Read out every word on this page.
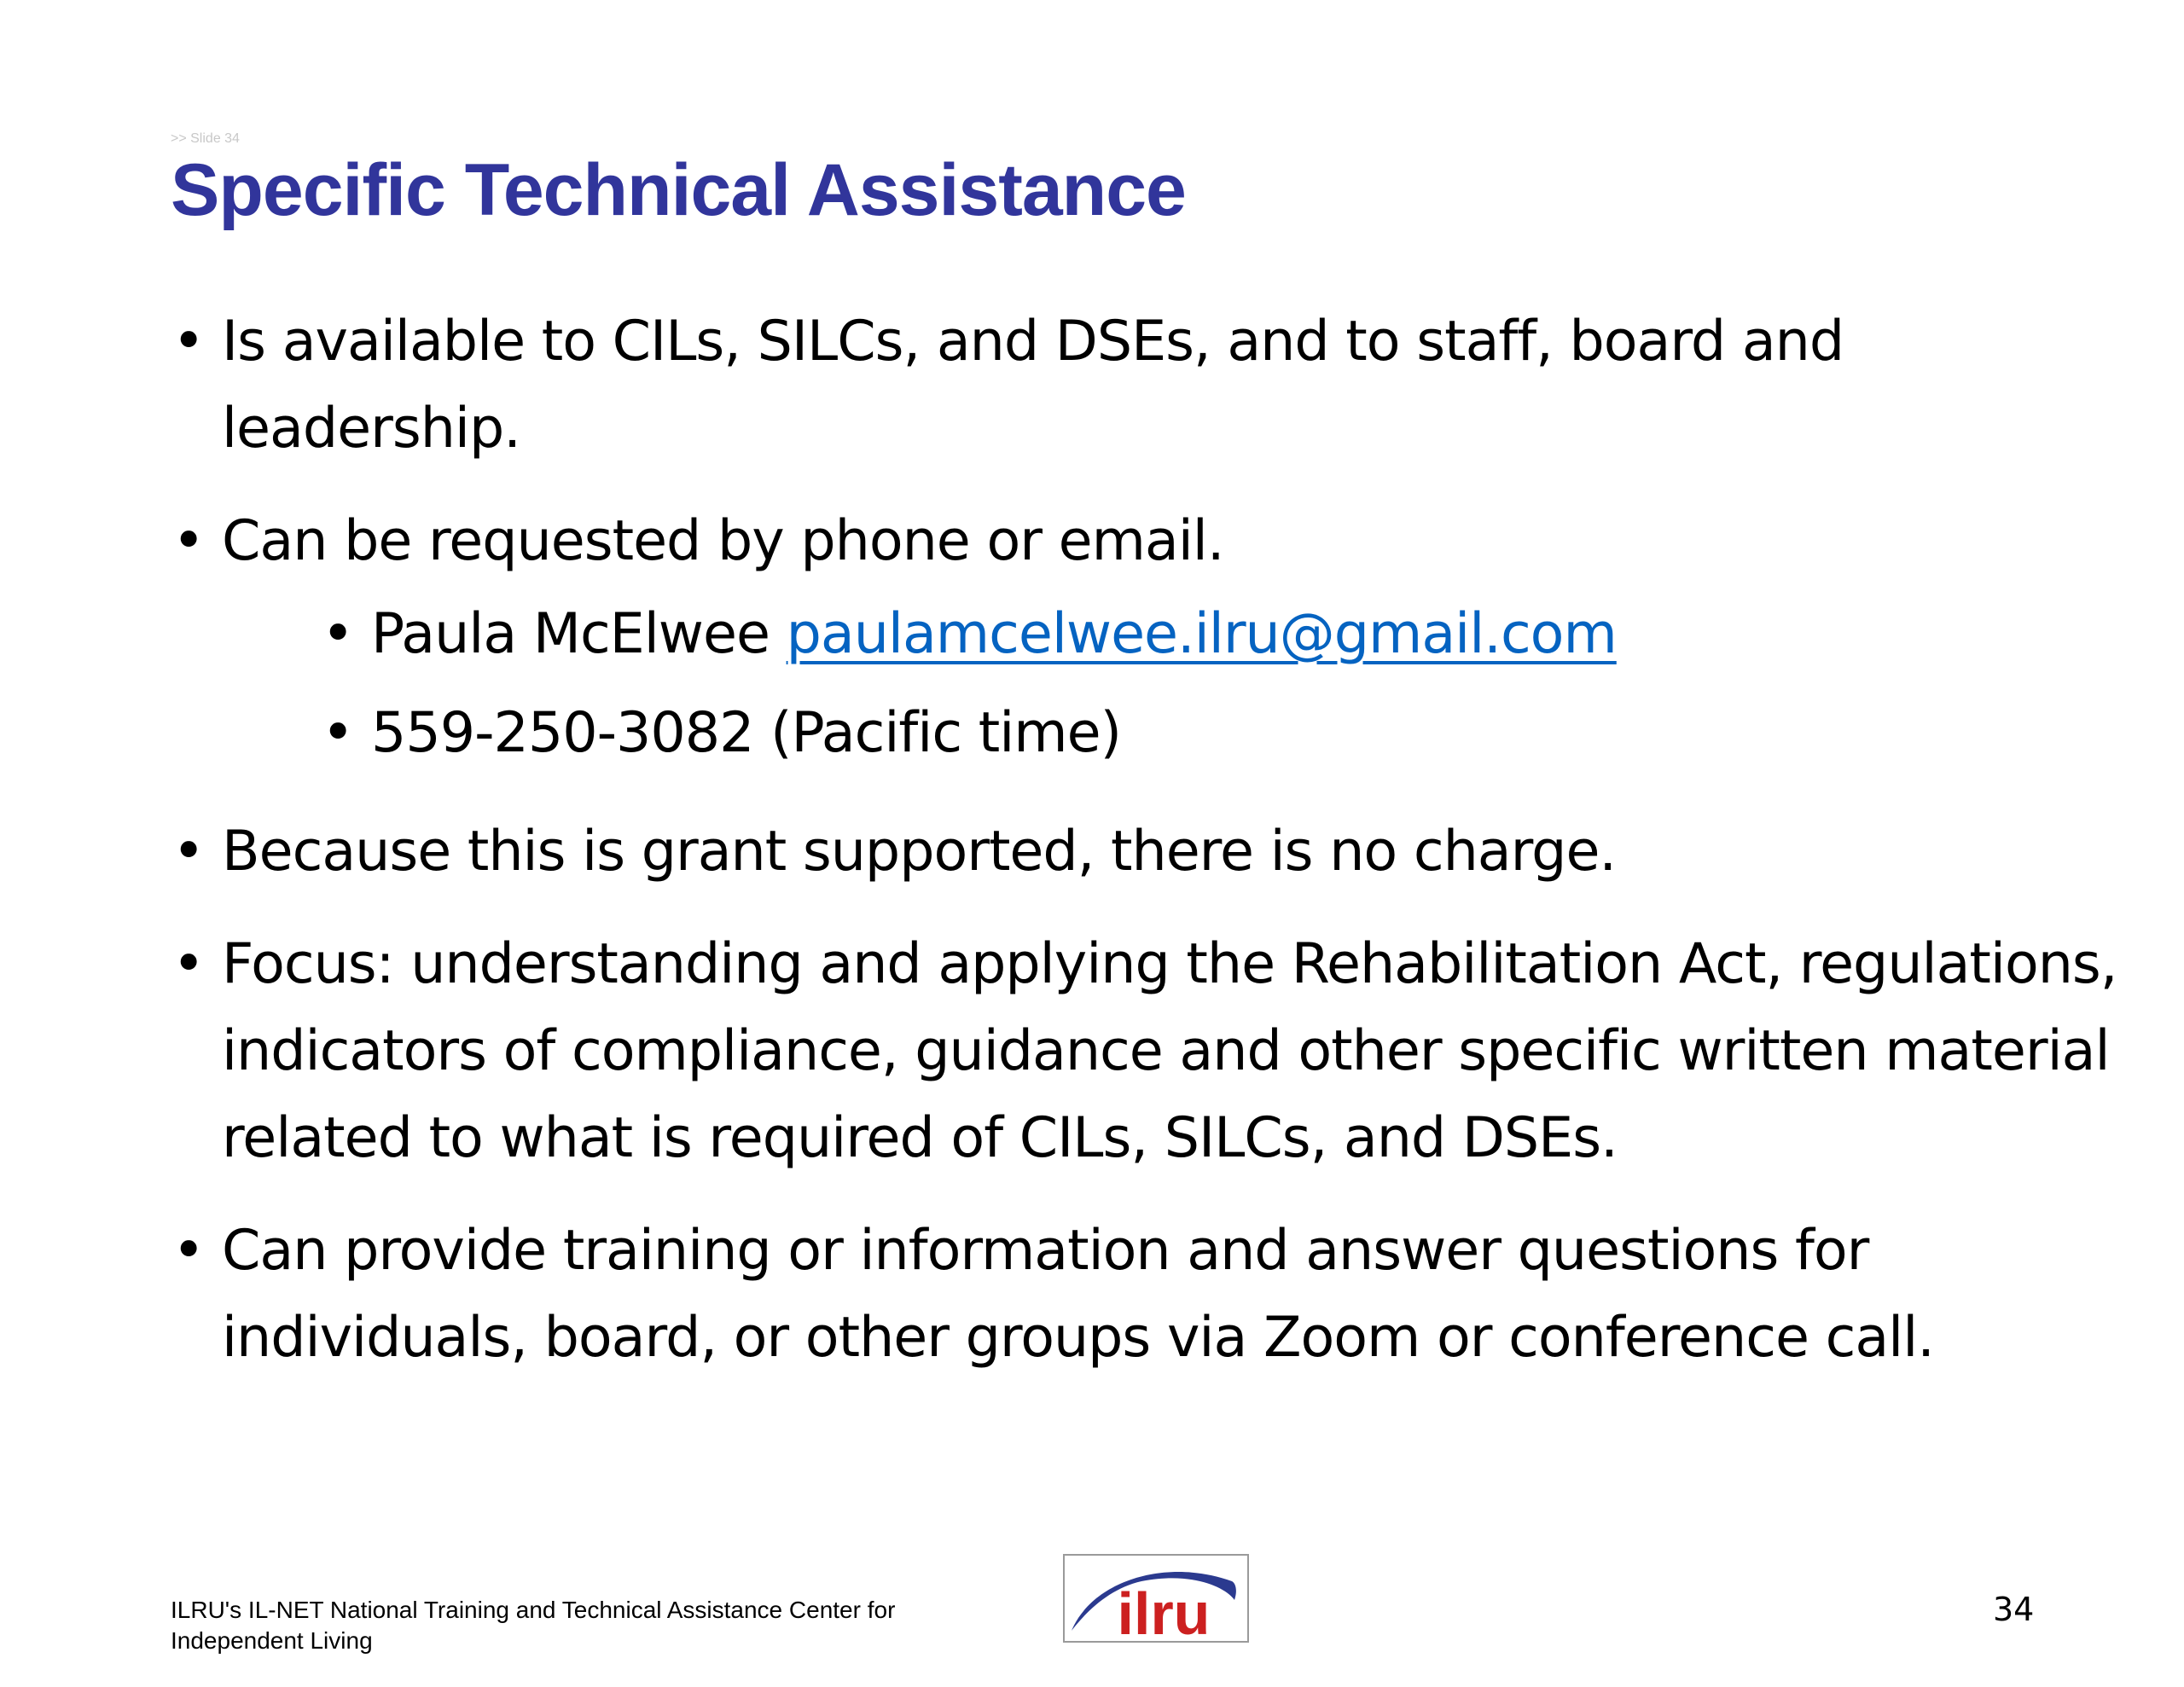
>> Slide 34
Specific Technical Assistance
• Is available to CILs, SILCs, and DSEs, and to staff, board and leadership.
• Can be requested by phone or email.
• Paula McElwee paulamcelwee.ilru@gmail.com
• 559-250-3082 (Pacific time)
• Because this is grant supported, there is no charge.
• Focus: understanding and applying the Rehabilitation Act, regulations, indicators of compliance, guidance and other specific written material related to what is required of CILs, SILCs, and DSEs.
• Can provide training or information and answer questions for individuals, board, or other groups via Zoom or conference call.
ILRU's IL-NET National Training and Technical Assistance Center for Independent Living	ilru	34
